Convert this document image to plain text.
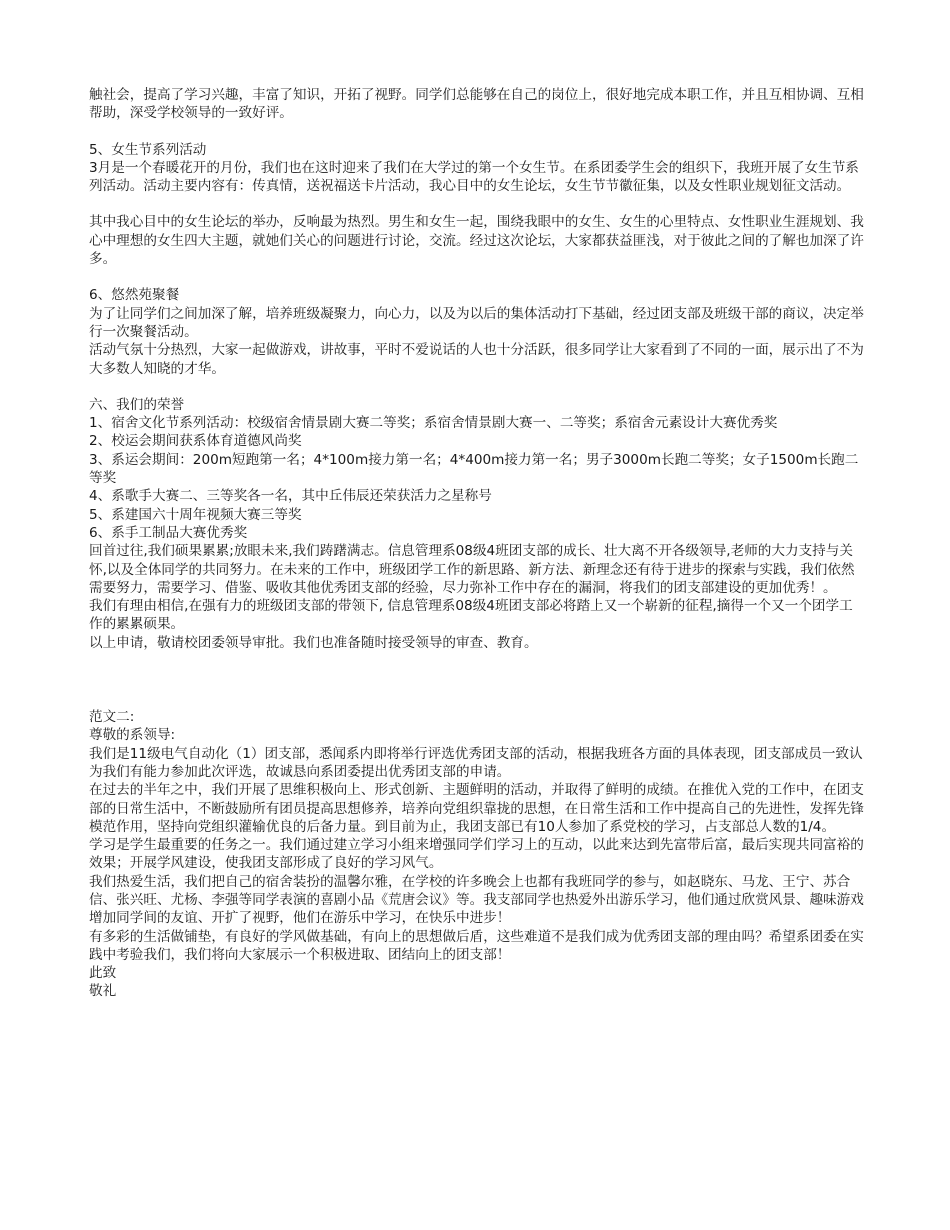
触社会，提高了学习兴趣，丰富了知识，开拓了视野。同学们总能够在自己的岗位上，很好地完成本职工作，并且互相协调、互相帮助，深受学校领导的一致好评。

5、女生节系列活动

3月是一个春暖花开的月份，我们也在这时迎来了我们在大学过的第一个女生节。在系团委学生会的组织下，我班开展了女生节系列活动。活动主要内容有：传真情，送祝福送卡片活动，我心目中的女生论坛，女生节节徽征集，以及女性职业规划征文活动。

其中我心目中的女生论坛的举办，反响最为热烈。男生和女生一起，围绕我眼中的女生、女生的心里特点、女性职业生涯规划、我心中理想的女生四大主题，就她们关心的问题进行讨论，交流。经过这次论坛，大家都获益匪浅，对于彼此之间的了解也加深了许多。

6、悠然苑聚餐

为了让同学们之间加深了解，培养班级凝聚力，向心力，以及为以后的集体活动打下基础，经过团支部及班级干部的商议，决定举行一次聚餐活动。

活动气氛十分热烈，大家一起做游戏，讲故事，平时不爱说话的人也十分活跃，很多同学让大家看到了不同的一面，展示出了不为大多数人知晓的才华。

六、我们的荣誉

1、宿舍文化节系列活动：校级宿舍情景剧大赛二等奖；系宿舍情景剧大赛一、二等奖；系宿舍元素设计大赛优秀奖

2、校运会期间获系体育道德风尚奖

3、系运会期间：200m短跑第一名；4*100m接力第一名；4*400m接力第一名；男子3000m长跑二等奖；女子1500m长跑二等奖

4、系歌手大赛二、三等奖各一名，其中丘伟辰还荣获活力之星称号

5、系建国六十周年视频大赛三等奖

6、系手工制品大赛优秀奖

回首过往,我们硕果累累;放眼未来,我们踌躇满志。信息管理系08级4班团支部的成长、壮大离不开各级领导,老师的大力支持与关怀,以及全体同学的共同努力。在未来的工作中，班级团学工作的新思路、新方法、新理念还有待于进步的探索与实践，我们依然需要努力，需要学习、借鉴、吸收其他优秀团支部的经验，尽力弥补工作中存在的漏洞，将我们的团支部建设的更加优秀！。

我们有理由相信,在强有力的班级团支部的带领下, 信息管理系08级4班团支部必将踏上又一个崭新的征程,摘得一个又一个团学工作的累累硕果。

以上申请，敬请校团委领导审批。我们也准备随时接受领导的审查、教育。

范文二:

尊敬的系领导:

我们是11级电气自动化（1）团支部，悉闻系内即将举行评选优秀团支部的活动，根据我班各方面的具体表现，团支部成员一致认为我们有能力参加此次评选，故诚恳向系团委提出优秀团支部的申请。

在过去的半年之中，我们开展了思维积极向上、形式创新、主题鲜明的活动，并取得了鲜明的成绩。在推优入党的工作中，在团支部的日常生活中，不断鼓励所有团员提高思想修养，培养向党组织靠拢的思想，在日常生活和工作中提高自己的先进性，发挥先锋模范作用，坚持向党组织灌输优良的后备力量。到目前为止，我团支部已有10人参加了系党校的学习，占支部总人数的1/4。

学习是学生最重要的任务之一。我们通过建立学习小组来增强同学们学习上的互动，以此来达到先富带后富，最后实现共同富裕的效果；开展学风建设，使我团支部形成了良好的学习风气。

我们热爱生活，我们把自己的宿舍装扮的温馨尔雅，在学校的许多晚会上也都有我班同学的参与，如赵晓东、马龙、王宁、苏合信、张兴旺、尤杨、李强等同学表演的喜剧小品《荒唐会议》等。我支部同学也热爱外出游乐学习，他们通过欣赏风景、趣味游戏增加同学间的友谊、开扩了视野，他们在游乐中学习，在快乐中进步！

有多彩的生活做铺垫，有良好的学风做基础，有向上的思想做后盾，这些难道不是我们成为优秀团支部的理由吗？希望系团委在实践中考验我们，我们将向大家展示一个积极进取、团结向上的团支部！

此致

敬礼
